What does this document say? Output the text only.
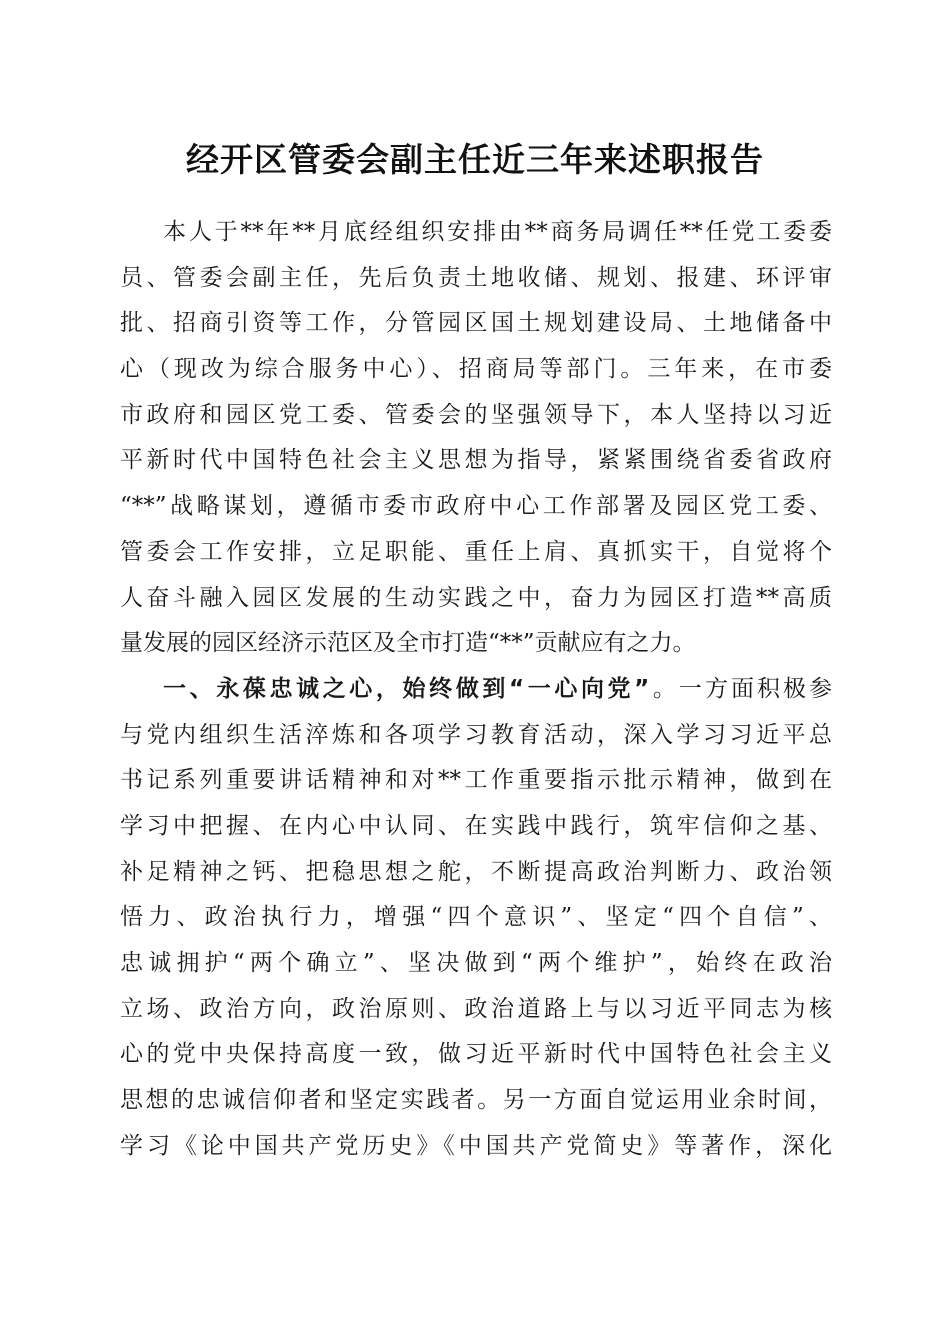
经开区管委会副主任近三年来述职报告
本人于**年**月底经组织安排由**商务局调任**任党工委委
员、管委会副主任，先后负责土地收储、规划、报建、环评审
批、招商引资等工作，分管园区国土规划建设局、土地储备中
心（现改为综合服务中心）、招商局等部门。三年来，在市委
市政府和园区党工委、管委会的坚强领导下，本人坚持以习近
平新时代中国特色社会主义思想为指导，紧紧围绕省委省政府
“**”战略谋划，遵循市委市政府中心工作部署及园区党工委、
管委会工作安排，立足职能、重任上肩、真抓实干，自觉将个
人奋斗融入园区发展的生动实践之中，奋力为园区打造**高质
量发展的园区经济示范区及全市打造“**”贡献应有之力。
一、永葆忠诚之心，始终做到“一心向党”。一方面积极参
与党内组织生活淬炼和各项学习教育活动，深入学习习近平总
书记系列重要讲话精神和对**工作重要指示批示精神，做到在
学习中把握、在内心中认同、在实践中践行，筑牢信仰之基、
补足精神之钙、把稳思想之舵，不断提高政治判断力、政治领
悟力、政治执行力，增强“四个意识”、坚定“四个自信”、
忠诚拥护“两个确立”、坚决做到“两个维护”，始终在政治
立场、政治方向，政治原则、政治道路上与以习近平同志为核
心的党中央保持高度一致，做习近平新时代中国特色社会主义
思想的忠诚信仰者和坚定实践者。另一方面自觉运用业余时间，
学习《论中国共产党历史》《中国共产党简史》等著作，深化
